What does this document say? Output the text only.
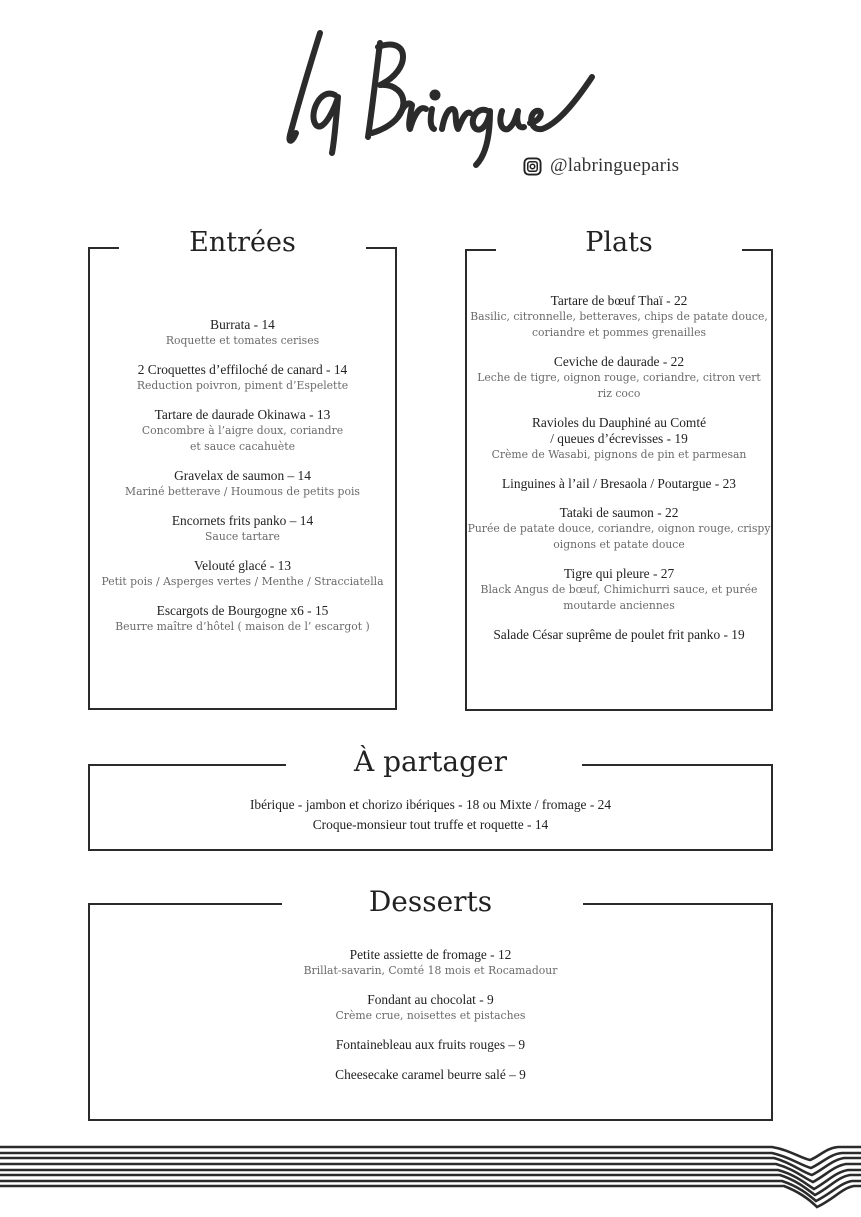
@labringueparis
Entrées
Burrata - 14
Roquette et tomates cerises
2 Croquettes d’effiloché de canard - 14
Reduction poivron, piment d’Espelette
Tartare de daurade Okinawa - 13
Concombre à l’aigre doux, coriandre
et sauce cacahuète
Gravelax de saumon – 14
Mariné betterave / Houmous de petits pois
Encornets frits panko – 14
Sauce tartare
Velouté glacé - 13
Petit pois / Asperges vertes / Menthe / Stracciatella
Escargots de Bourgogne x6 - 15
Beurre maître d’hôtel ( maison de l’ escargot )
Plats
Tartare de bœuf Thaï - 22
Basilic, citronnelle, betteraves, chips de patate douce,
coriandre et pommes grenailles
Ceviche de daurade - 22
Leche de tigre, oignon rouge, coriandre, citron vert
riz coco
Ravioles du Dauphiné au Comté
/ queues d’écrevisses - 19
Crème de Wasabi, pignons de pin et parmesan
Linguines à l’ail / Bresaola / Poutargue - 23
Tataki de saumon - 22
Purée de patate douce, coriandre, oignon rouge, crispy
oignons et patate douce
Tigre qui pleure - 27
Black Angus de bœuf, Chimichurri sauce, et purée
moutarde anciennes
Salade César suprême de poulet frit panko - 19
À partager
Ibérique - jambon et chorizo ibériques - 18 ou Mixte / fromage - 24
Croque-monsieur tout truffe et roquette - 14
Desserts
Petite assiette de fromage - 12
Brillat-savarin, Comté 18 mois et Rocamadour
Fondant au chocolat - 9
Crème crue, noisettes et pistaches
Fontainebleau aux fruits rouges – 9
Cheesecake caramel beurre salé – 9
